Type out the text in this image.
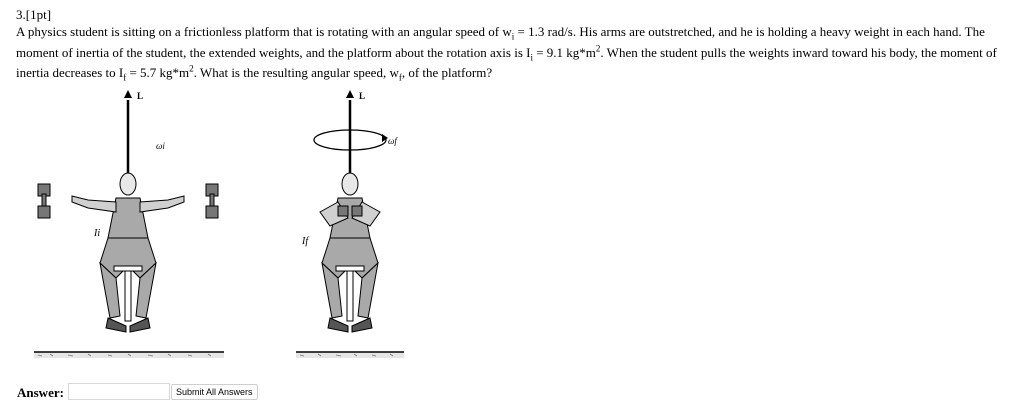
3.[1pt]
A physics student is sitting on a frictionless platform that is rotating with an angular speed of $w_i = 1.3$ rad/s. His arms are outstretched, and he is holding a heavy weight in each hand. The moment of inertia of the student, the extended weights, and the platform about the rotation axis is $I_i = 9.1$ $kg*m^2$. When the student pulls the weights inward toward his body, the moment of inertia decreases to $I_f = 5.7$ $kg*m^2$. What is the resulting angular speed, $w_f$, of the platform?
L
ωi
Ii
L
ωf
If
Answer:	Submit All Answers
